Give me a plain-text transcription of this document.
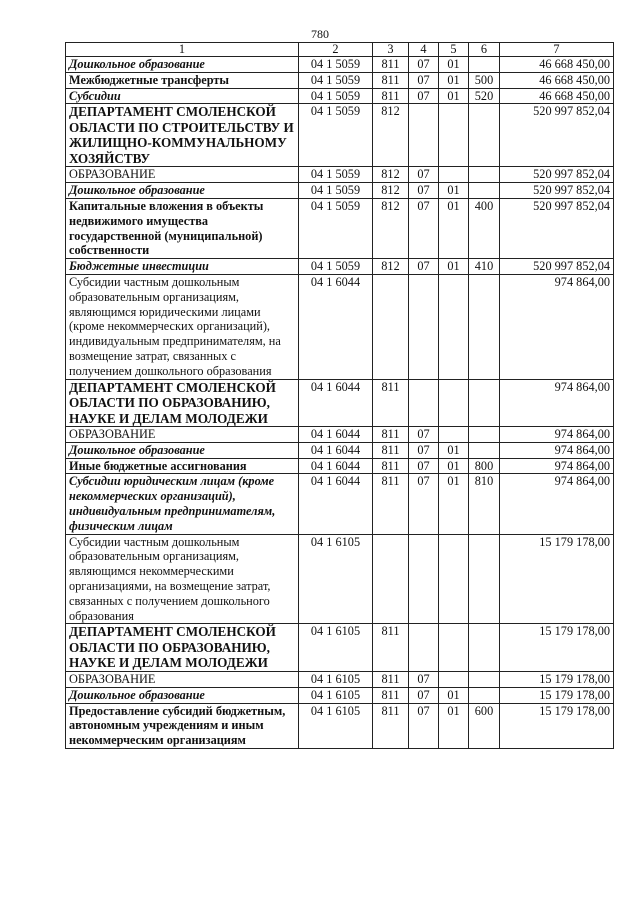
780
1	2	3	4	5	6	7
Дошкольное образование	04 1 5059	811	07	01		46 668 450,00
Межбюджетные трансферты	04 1 5059	811	07	01	500	46 668 450,00
Субсидии	04 1 5059	811	07	01	520	46 668 450,00
ДЕПАРТАМЕНТ СМОЛЕНСКОЙ ОБЛАСТИ ПО СТРОИТЕЛЬСТВУ И ЖИЛИЩНО-КОММУНАЛЬНОМУ ХОЗЯЙСТВУ	04 1 5059	812				520 997 852,04
ОБРАЗОВАНИЕ	04 1 5059	812	07			520 997 852,04
Дошкольное образование	04 1 5059	812	07	01		520 997 852,04
Капитальные вложения в объекты недвижимого имущества государственной (муниципальной) собственности	04 1 5059	812	07	01	400	520 997 852,04
Бюджетные инвестиции	04 1 5059	812	07	01	410	520 997 852,04
Субсидии частным дошкольным образовательным организациям, являющимся юридическими лицами (кроме некоммерческих организаций), индивидуальным предпринимателям, на возмещение затрат, связанных с получением дошкольного образования	04 1 6044					974 864,00
ДЕПАРТАМЕНТ СМОЛЕНСКОЙ ОБЛАСТИ ПО ОБРАЗОВАНИЮ, НАУКЕ И ДЕЛАМ МОЛОДЕЖИ	04 1 6044	811				974 864,00
ОБРАЗОВАНИЕ	04 1 6044	811	07			974 864,00
Дошкольное образование	04 1 6044	811	07	01		974 864,00
Иные бюджетные ассигнования	04 1 6044	811	07	01	800	974 864,00
Субсидии юридическим лицам (кроме некоммерческих организаций), индивидуальным предпринимателям, физическим лицам	04 1 6044	811	07	01	810	974 864,00
Субсидии частным дошкольным образовательным организациям, являющимся некоммерческими организациями, на возмещение затрат, связанных с получением дошкольного образования	04 1 6105					15 179 178,00
ДЕПАРТАМЕНТ СМОЛЕНСКОЙ ОБЛАСТИ ПО ОБРАЗОВАНИЮ, НАУКЕ И ДЕЛАМ МОЛОДЕЖИ	04 1 6105	811				15 179 178,00
ОБРАЗОВАНИЕ	04 1 6105	811	07			15 179 178,00
Дошкольное образование	04 1 6105	811	07	01		15 179 178,00
Предоставление субсидий бюджетным, автономным учреждениям и иным некоммерческим организациям	04 1 6105	811	07	01	600	15 179 178,00
